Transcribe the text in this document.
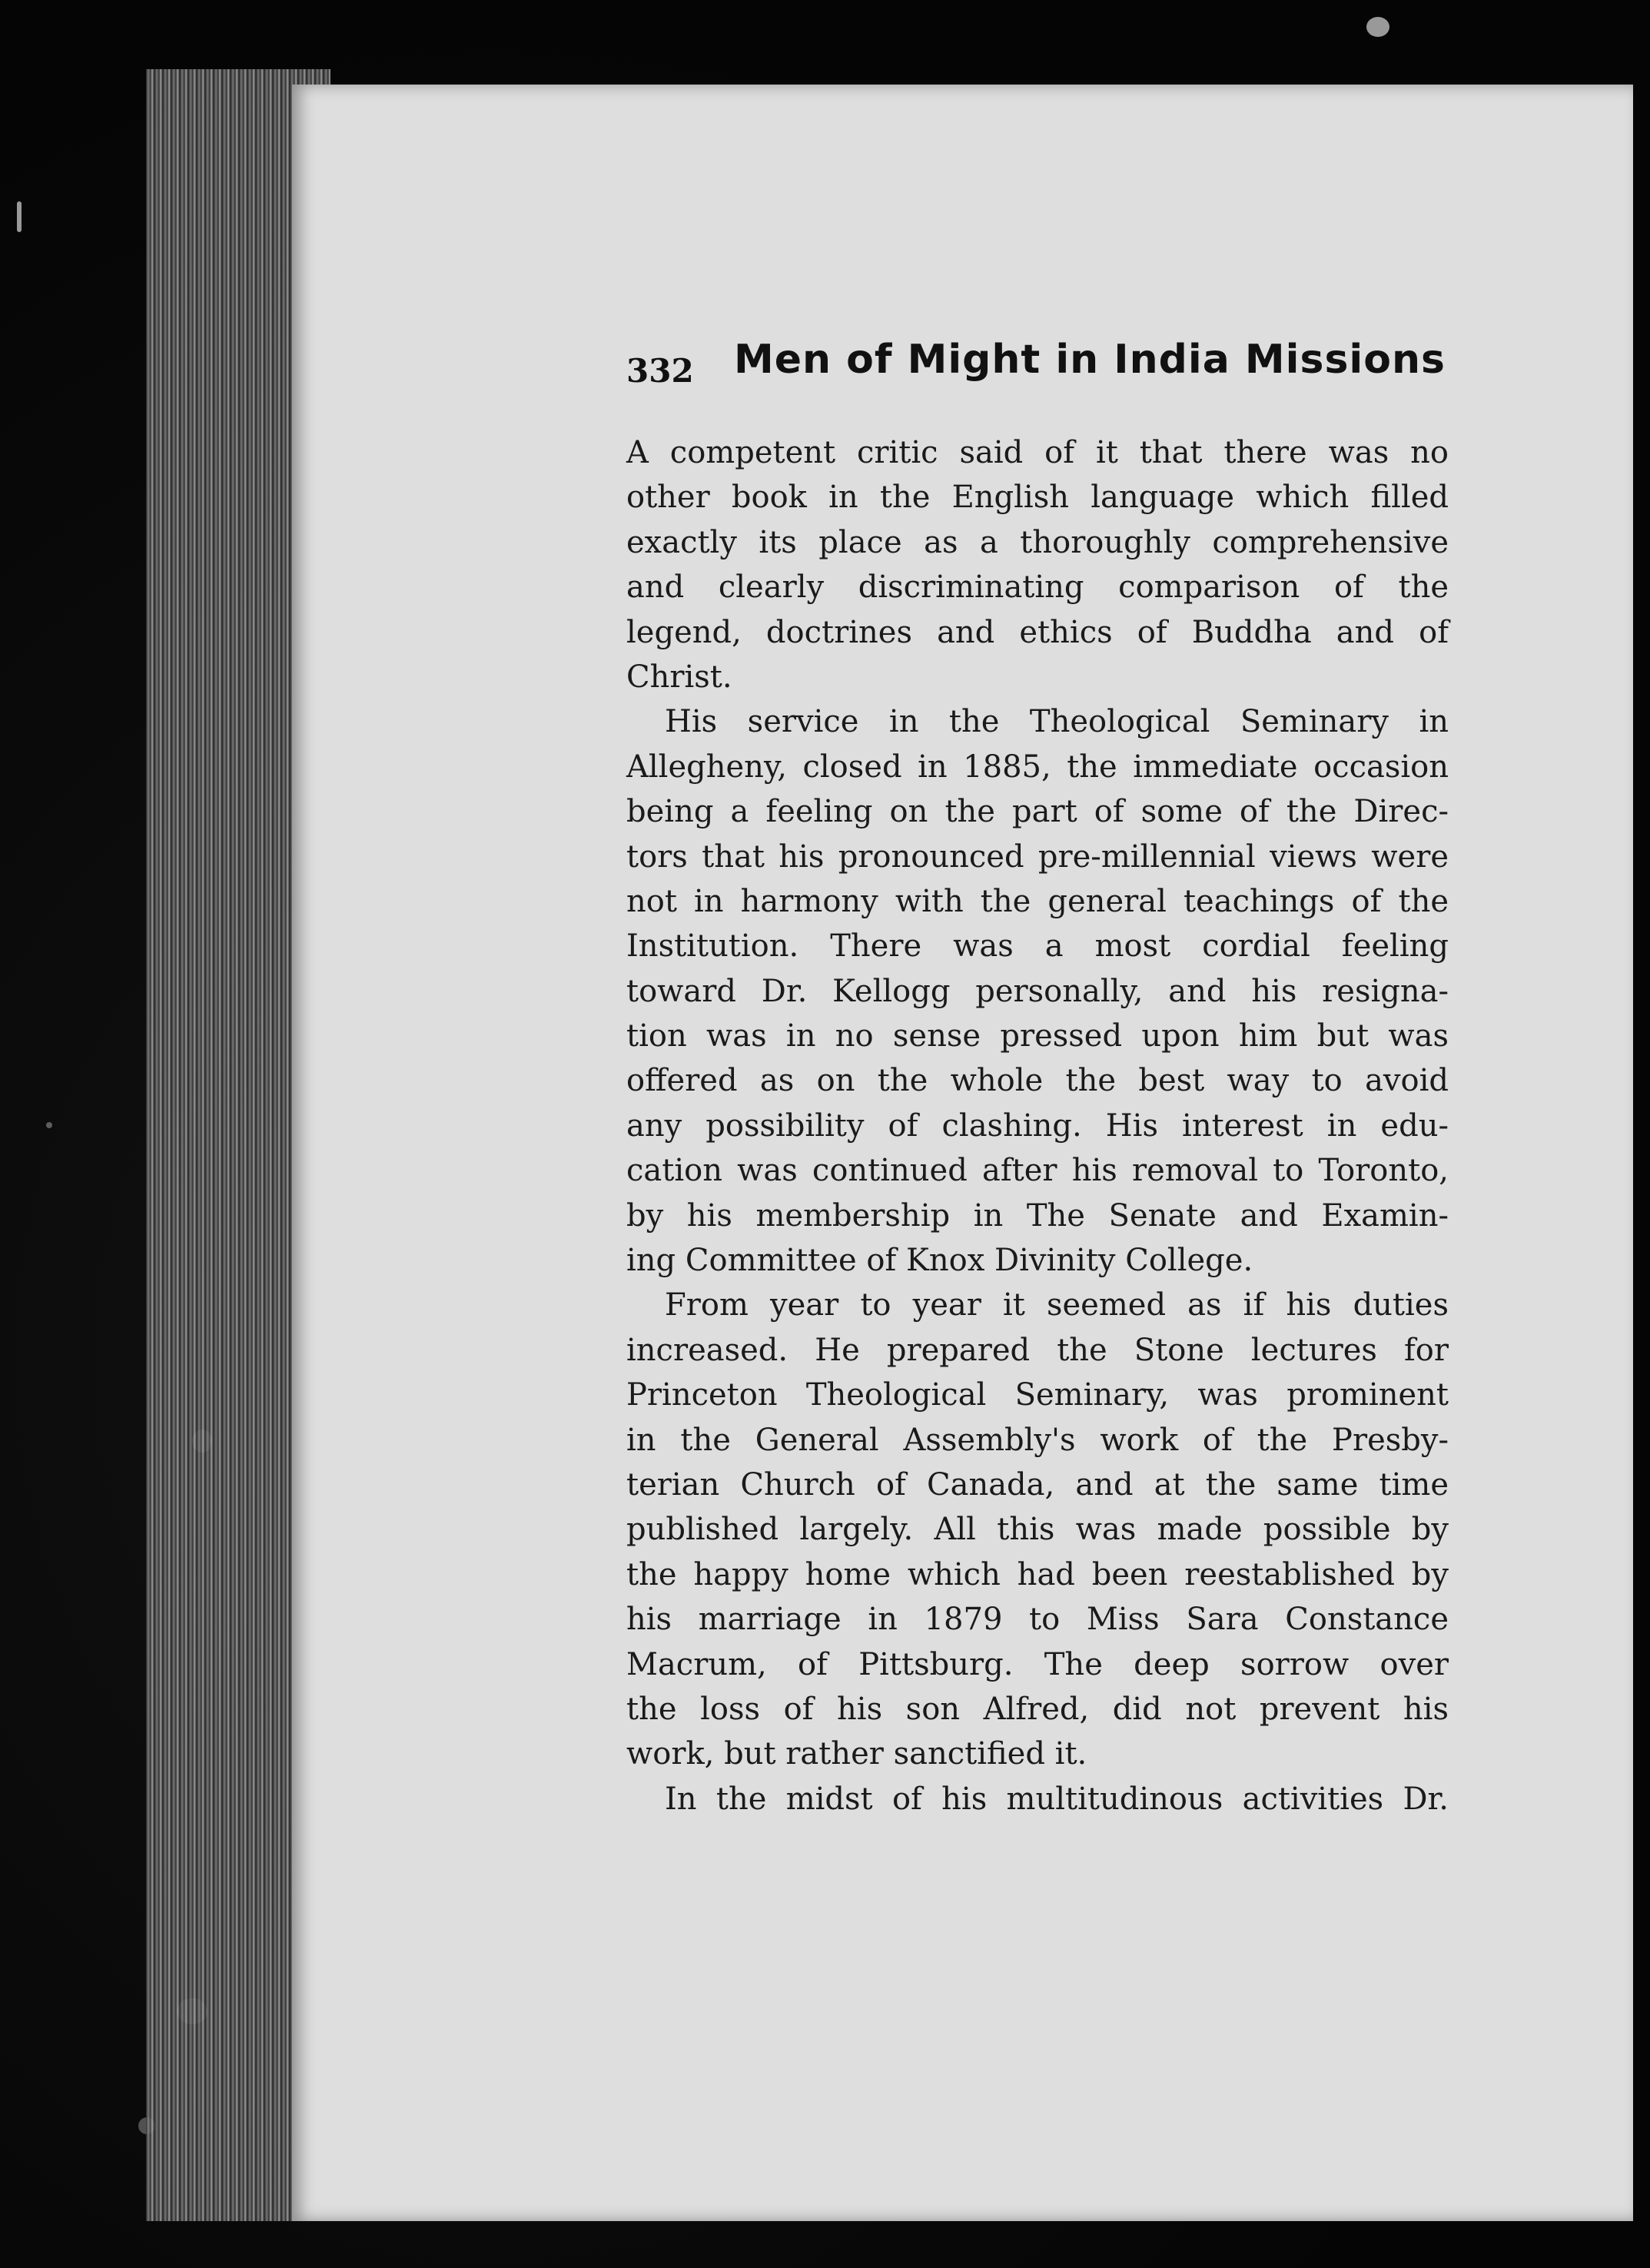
332 Men of Might in India Missions
A competent critic said of it that there was no
other book in the English language which filled
exactly its place as a thoroughly comprehensive
and clearly discriminating comparison of the
legend, doctrines and ethics of Buddha and of
Christ.
His service in the Theological Seminary in
Allegheny, closed in 1885, the immediate occasion
being a feeling on the part of some of the Direc-
tors that his pronounced pre-millennial views were
not in harmony with the general teachings of the
Institution. There was a most cordial feeling
toward Dr. Kellogg personally, and his resigna-
tion was in no sense pressed upon him but was
offered as on the whole the best way to avoid
any possibility of clashing. His interest in edu-
cation was continued after his removal to Toronto,
by his membership in The Senate and Examin-
ing Committee of Knox Divinity College.
From year to year it seemed as if his duties
increased. He prepared the Stone lectures for
Princeton Theological Seminary, was prominent
in the General Assembly's work of the Presby-
terian Church of Canada, and at the same time
published largely. All this was made possible by
the happy home which had been reestablished by
his marriage in 1879 to Miss Sara Constance
Macrum, of Pittsburg. The deep sorrow over
the loss of his son Alfred, did not prevent his
work, but rather sanctified it.
In the midst of his multitudinous activities Dr.
